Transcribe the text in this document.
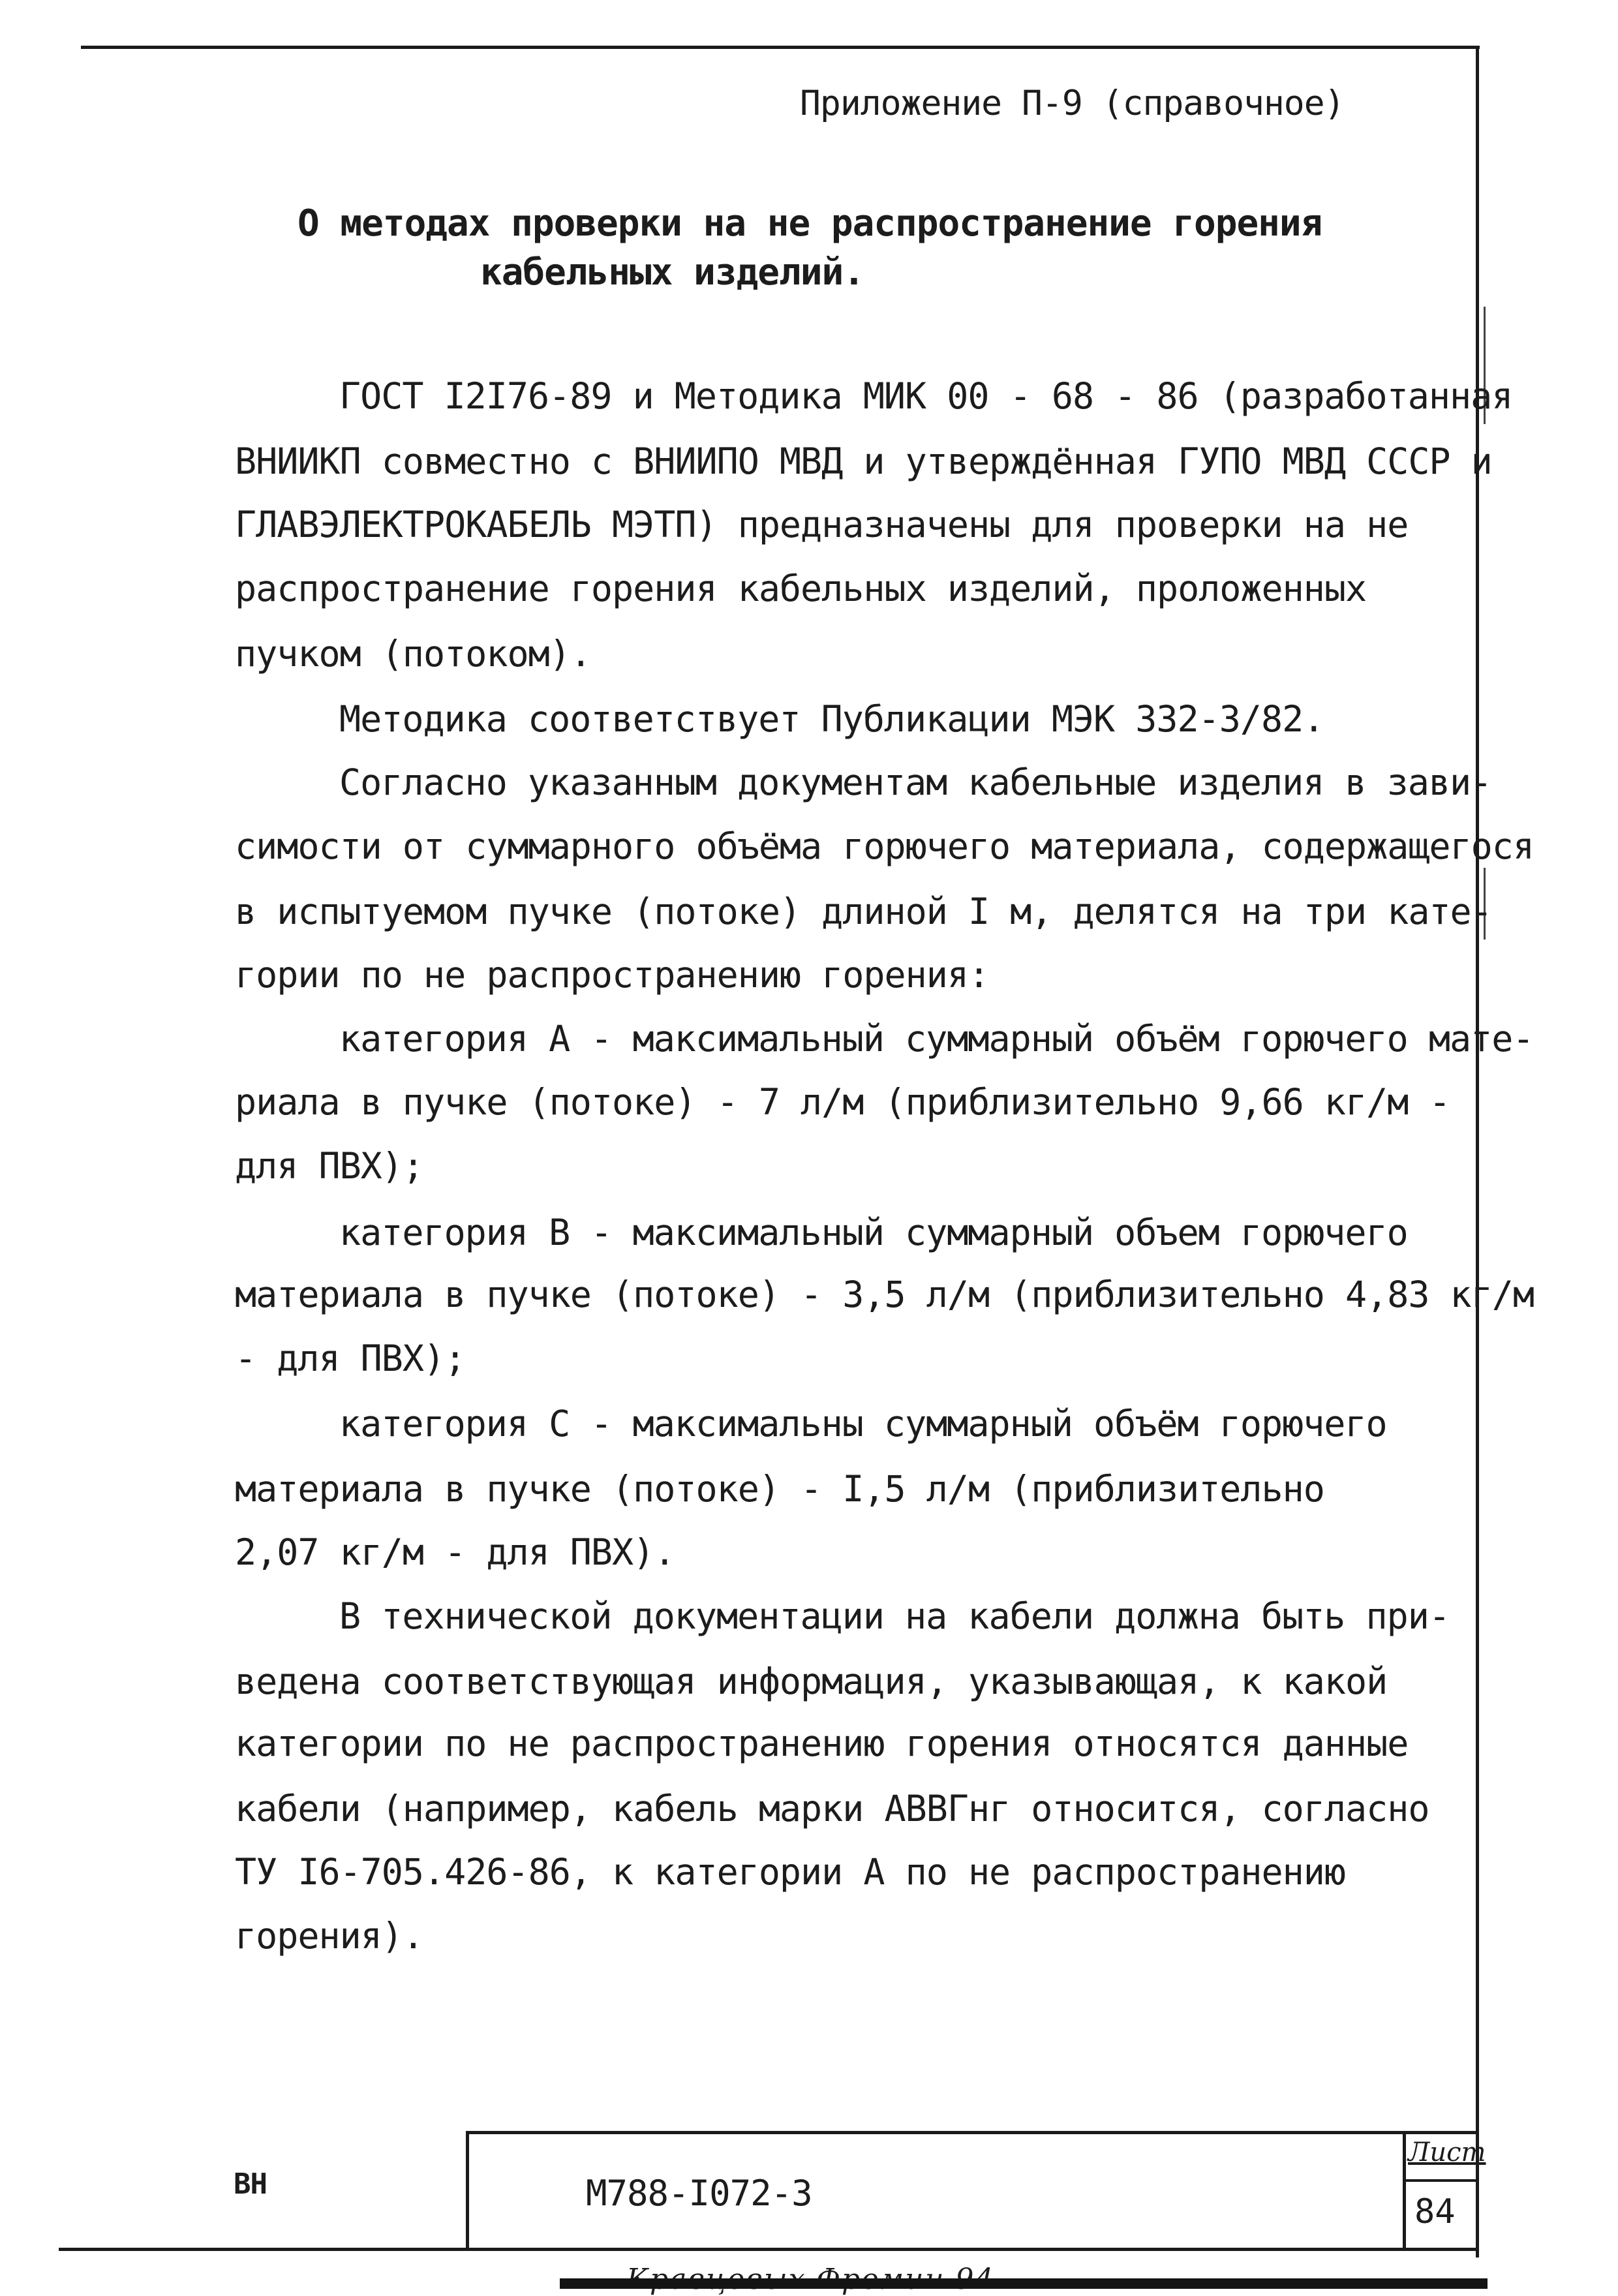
Приложение П-9 (справочное)
О методах проверки на не распространение горения
кабельных изделий.
ГОСТ I2I76-89 и Методика МИК 00 - 68 - 86 (разработанная
ВНИИКП совместно с ВНИИПО МВД и утверждённая ГУПО МВД СССР и
ГЛАВЭЛЕКТРОКАБЕЛЬ МЭТП) предназначены для проверки на не
распространение горения кабельных изделий, проложенных
пучком (потоком).
Методика соответствует Публикации МЭК 332-3/82.
Согласно указанным документам кабельные изделия в зави-
симости от суммарного объёма горючего материала, содержащегося
в испытуемом пучке (потоке) длиной I м, делятся на три кате-
гории по не распространению горения:
категория А - максимальный суммарный объём горючего мате-
риала в пучке (потоке) - 7 л/м (приблизительно 9,66 кг/м -
для ПВХ);
категория В - максимальный суммарный объем горючего
материала в пучке (потоке) - 3,5 л/м (приблизительно 4,83 кг/м
- для ПВХ);
категория С - максимальны суммарный объём горючего
материала в пучке (потоке) - I,5 л/м (приблизительно
2,07 кг/м - для ПВХ).
В технической документации на кабели должна быть при-
ведена соответствующая информация, указывающая, к какой
категории по не распространению горения относятся данные
кабели (например, кабель марки АВВГнг относится, согласно
ТУ I6-705.426-86, к категории А по не распространению
горения).
ВН	М788-I072-3
Лист
84
